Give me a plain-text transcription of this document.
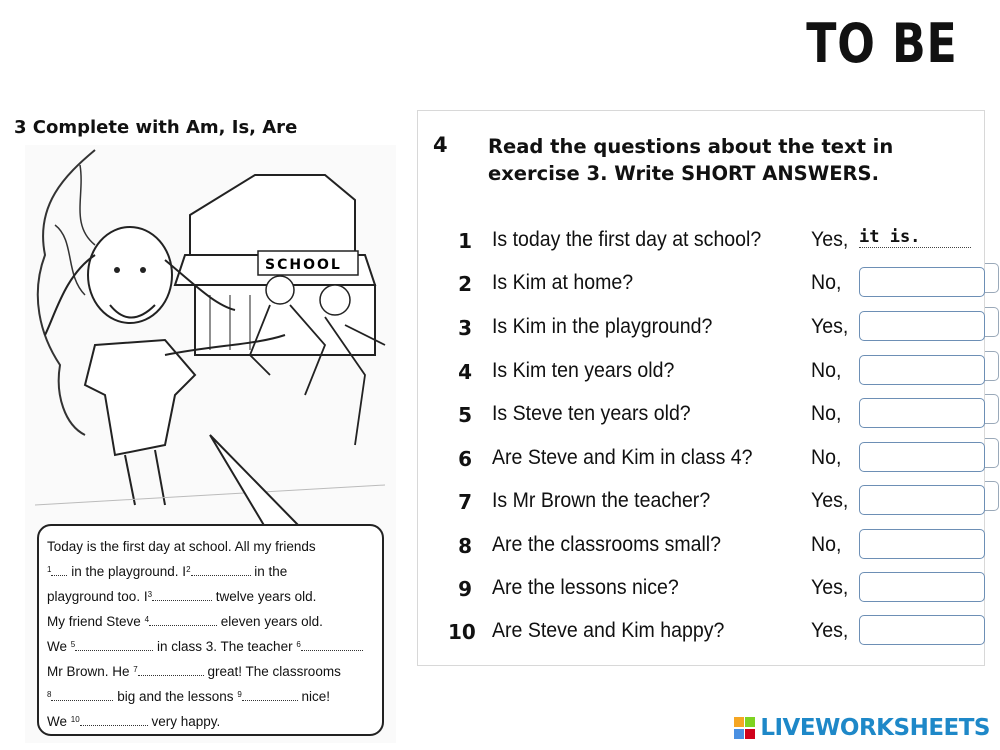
TO BE
3 Complete with Am, Is, Are
SCHOOL
Today is the first day at school. All my friends
$^1$ in the playground. $I^2$	in the
playground too. $I^3$	twelve years old.
My friend Steve $^4$	eleven years old.
We $^5$	in class 3. The teacher $^6$
Mr Brown. He $^7$	great! The classrooms
$^8$	big and the lessons $^9$	nice!
We $^{10}$	very happy.
4 Read the questions about the text in
exercise 3. Write SHORT ANSWERS.
1 Is today the first day at school? Yes, it is.
2 Is Kim at home?	No,
3 Is Kim in the playground?	Yes,
4 Is Kim ten years old?	No,
5 Is Steve ten years old?	No,
6 Are Steve and Kim in class 4?	No,
7 Is Mr Brown the teacher?	Yes,
8 Are the classrooms small?	No,
9 Are the lessons nice?	Yes,
10 Are Steve and Kim happy?	Yes,
LIVEWORKSHEETS
